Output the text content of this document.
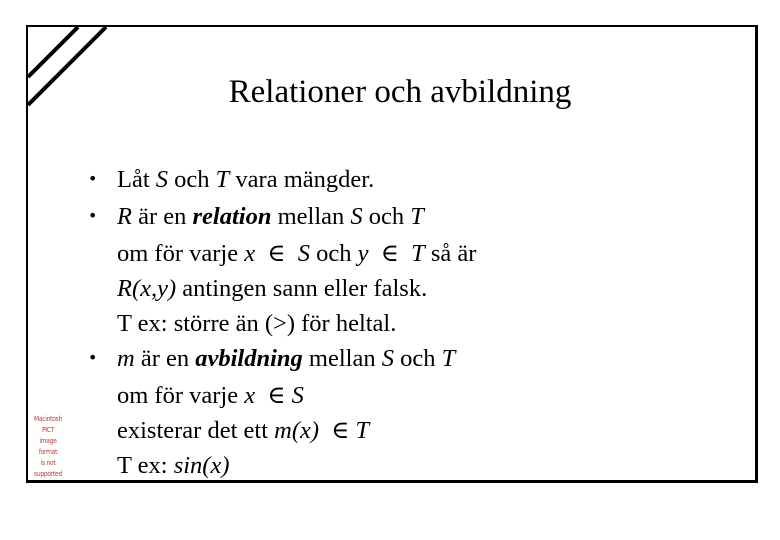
Relationer och avbildning
• Låt S och T vara mängder.
• R är en relation mellan S och T
om för varje x  ∈  S och y  ∈  T så är
R(x,y) antingen sann eller falsk.
T ex: större än (>) för heltal.
• m är en avbildning mellan S och T
om för varje x  ∈ S
existerar det ett m(x)  ∈ T
T ex: sin(x)
Macintosh PICT
image format
is not supported
